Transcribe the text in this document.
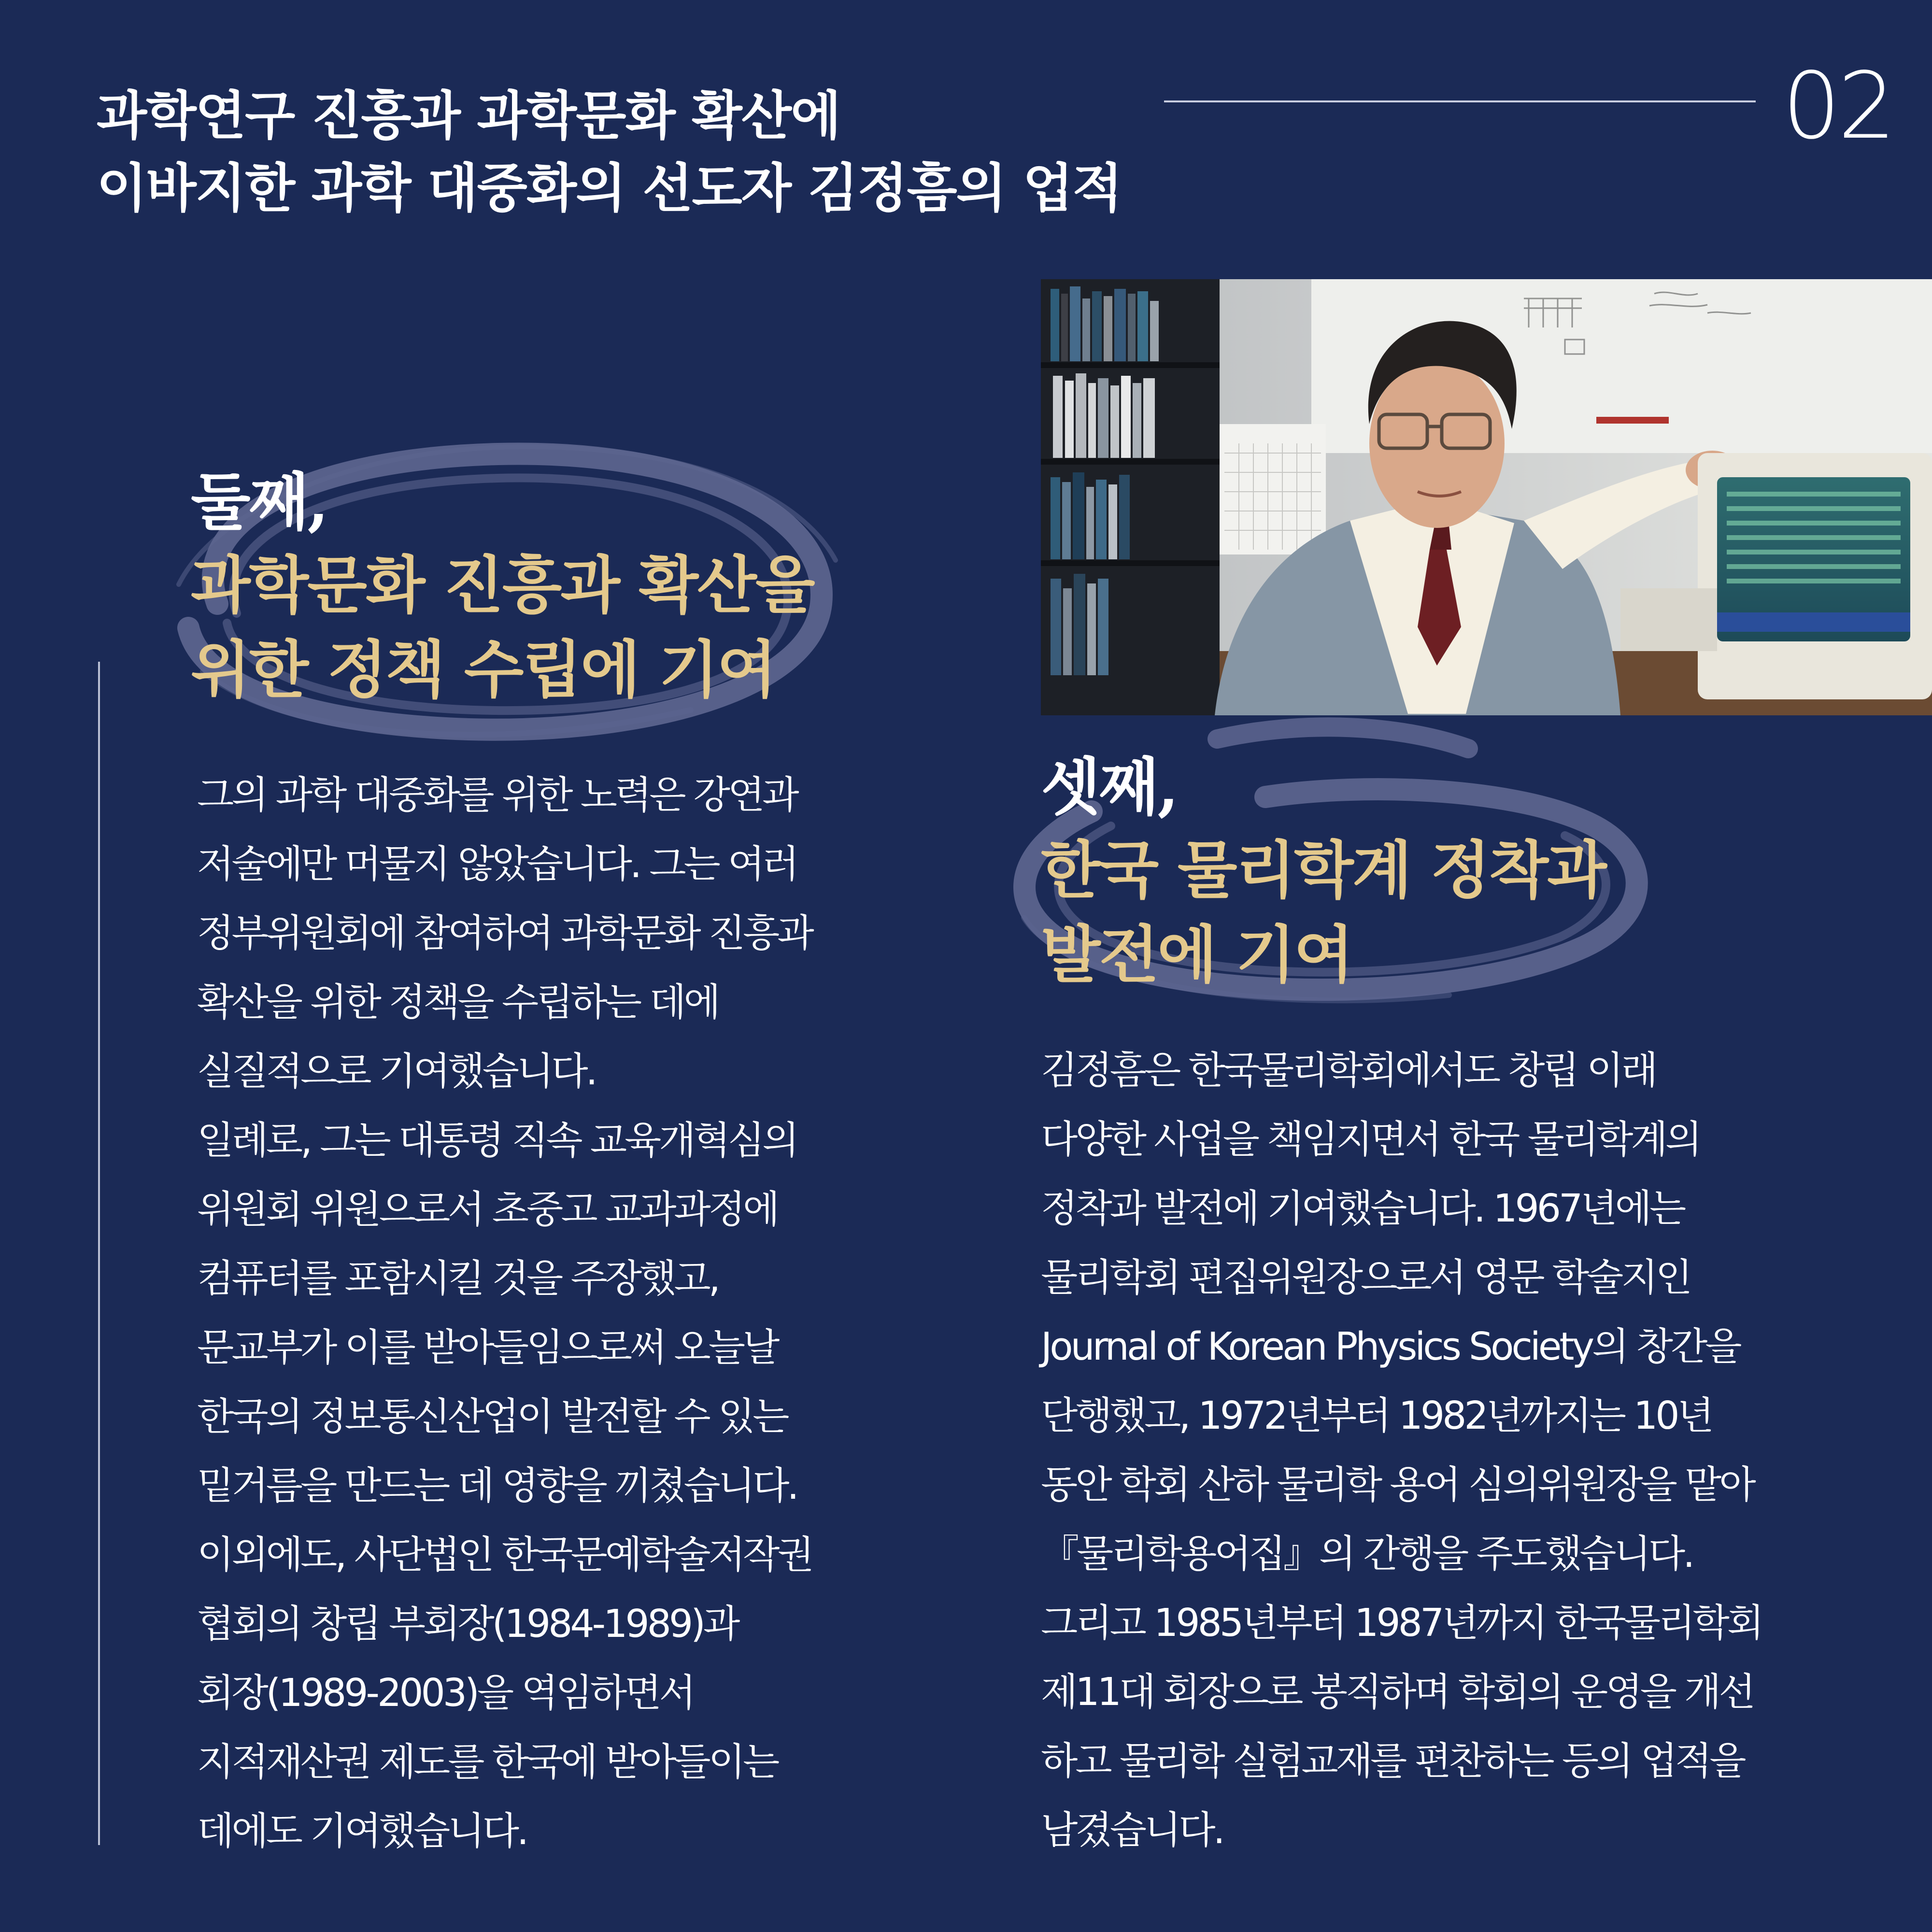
과학연구 진흥과 과학문화 확산에
이바지한 과학 대중화의 선도자 김정흠의 업적
02
둘째,
과학문화 진흥과 확산을
위한 정책 수립에 기여
그의 과학 대중화를 위한 노력은 강연과
저술에만 머물지 않았습니다. 그는 여러
정부위원회에 참여하여 과학문화 진흥과
확산을 위한 정책을 수립하는 데에
실질적으로 기여했습니다.
일례로, 그는 대통령 직속 교육개혁심의
위원회 위원으로서 초중고 교과과정에
컴퓨터를 포함시킬 것을 주장했고,
문교부가 이를 받아들임으로써 오늘날
한국의 정보통신산업이 발전할 수 있는
밑거름을 만드는 데 영향을 끼쳤습니다.
이외에도, 사단법인 한국문예학술저작권
협회의 창립 부회장(1984-1989)과
회장(1989-2003)을 역임하면서
지적재산권 제도를 한국에 받아들이는
데에도 기여했습니다.
셋째,
한국 물리학계 정착과
발전에 기여
김정흠은 한국물리학회에서도 창립 이래
다양한 사업을 책임지면서 한국 물리학계의
정착과 발전에 기여했습니다. 1967년에는
물리학회 편집위원장으로서 영문 학술지인
Journal of Korean Physics Society의 창간을
단행했고, 1972년부터 1982년까지는 10년
동안 학회 산하 물리학 용어 심의위원장을 맡아
『물리학용어집』의 간행을 주도했습니다.
그리고 1985년부터 1987년까지 한국물리학회
제11대 회장으로 봉직하며 학회의 운영을 개선
하고 물리학 실험교재를 편찬하는 등의 업적을
남겼습니다.
